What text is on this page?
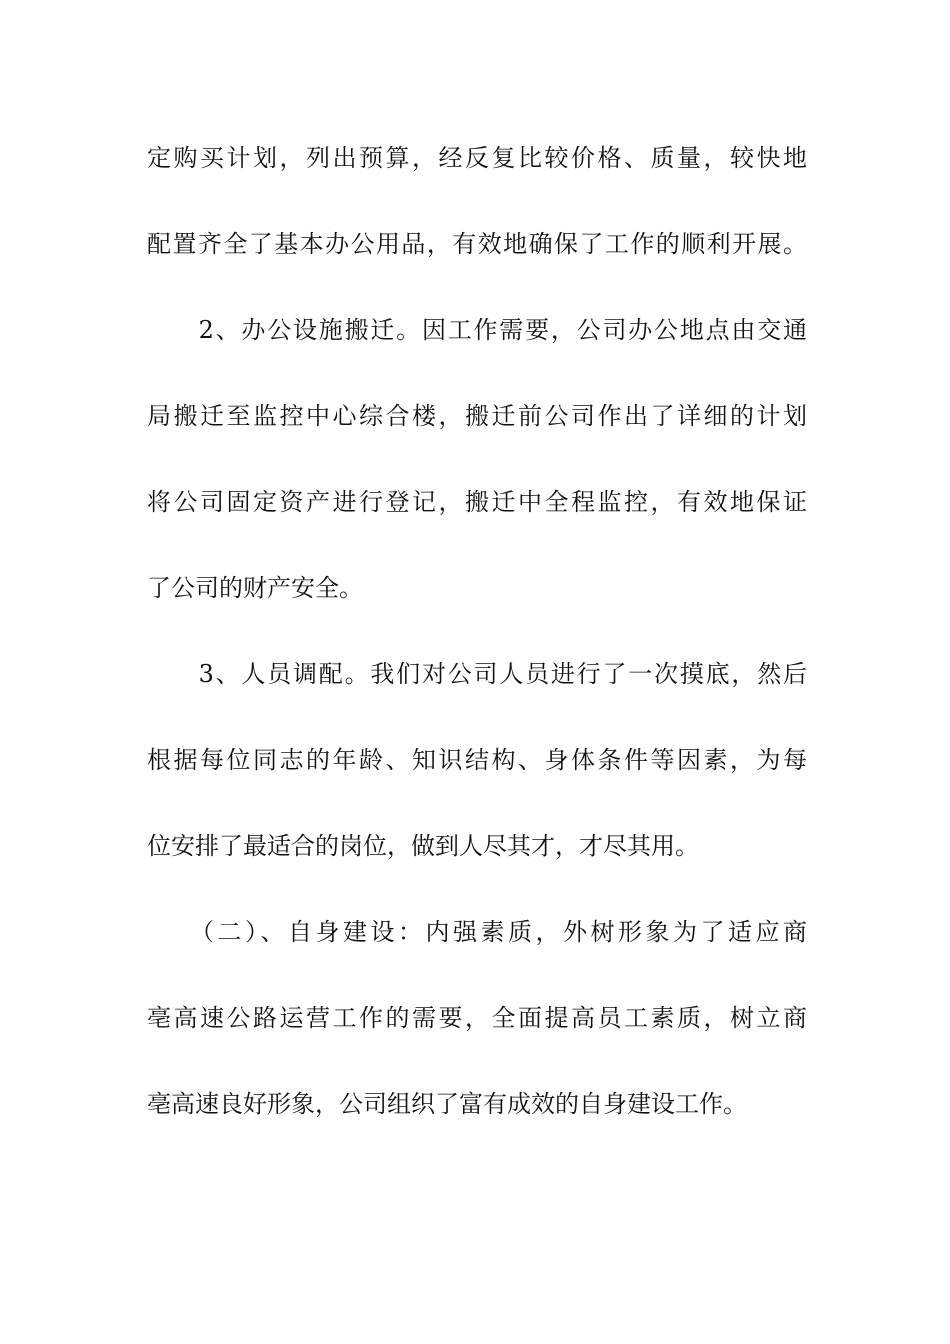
定购买计划，列出预算，经反复比较价格、质量，较快地
配置齐全了基本办公用品，有效地确保了工作的顺利开展。
　　2、办公设施搬迁。因工作需要，公司办公地点由交通
局搬迁至监控中心综合楼，搬迁前公司作出了详细的计划
将公司固定资产进行登记，搬迁中全程监控，有效地保证
了公司的财产安全。
　　3、人员调配。我们对公司人员进行了一次摸底，然后
根据每位同志的年龄、知识结构、身体条件等因素，为每
位安排了最适合的岗位，做到人尽其才，才尽其用。
　　（二）、自身建设：内强素质，外树形象为了适应商
亳高速公路运营工作的需要，全面提高员工素质，树立商
亳高速良好形象，公司组织了富有成效的自身建设工作。
